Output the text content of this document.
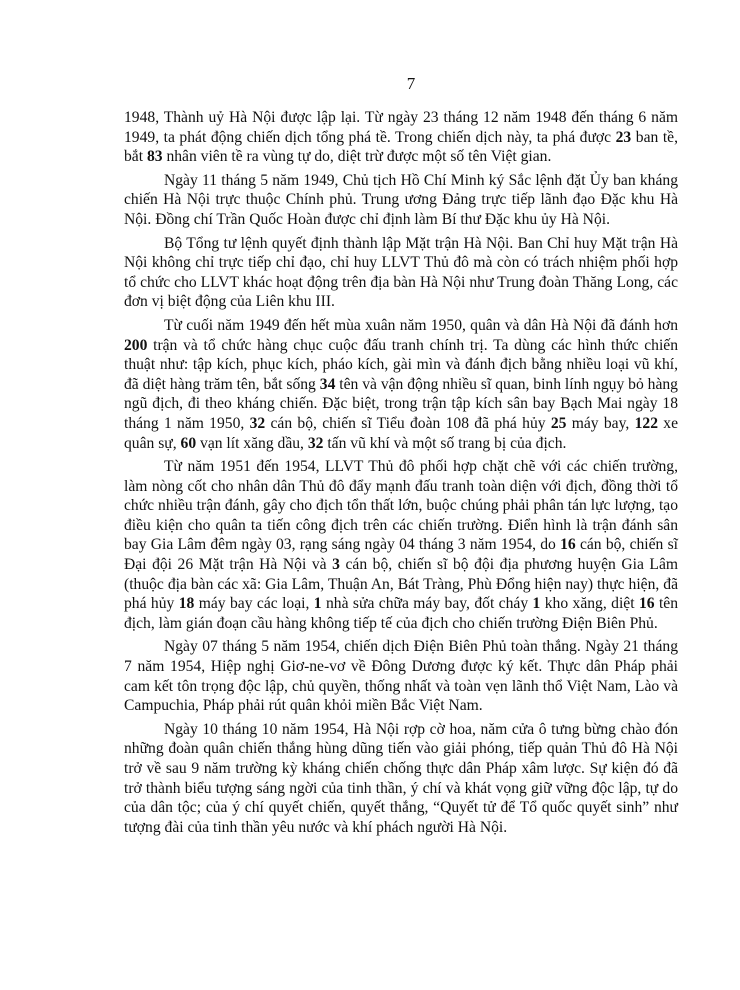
7

1948, Thành uỷ Hà Nội được lập lại. Từ ngày 23 tháng 12 năm 1948 đến tháng 6 năm 1949, ta phát động chiến dịch tổng phá tề. Trong chiến dịch này, ta phá được 23 ban tề, bắt 83 nhân viên tề ra vùng tự do, diệt trừ được một số tên Việt gian.

Ngày 11 tháng 5 năm 1949, Chủ tịch Hồ Chí Minh ký Sắc lệnh đặt Ủy ban kháng chiến Hà Nội trực thuộc Chính phủ. Trung ương Đảng trực tiếp lãnh đạo Đặc khu Hà Nội. Đồng chí Trần Quốc Hoàn được chỉ định làm Bí thư Đặc khu ủy Hà Nội.

Bộ Tổng tư lệnh quyết định thành lập Mặt trận Hà Nội. Ban Chỉ huy Mặt trận Hà Nội không chỉ trực tiếp chỉ đạo, chỉ huy LLVT Thủ đô mà còn có trách nhiệm phối hợp tổ chức cho LLVT khác hoạt động trên địa bàn Hà Nội như Trung đoàn Thăng Long, các đơn vị biệt động của Liên khu III.

Từ cuối năm 1949 đến hết mùa xuân năm 1950, quân và dân Hà Nội đã đánh hơn 200 trận và tổ chức hàng chục cuộc đấu tranh chính trị. Ta dùng các hình thức chiến thuật như: tập kích, phục kích, pháo kích, gài mìn và đánh địch bằng nhiều loại vũ khí, đã diệt hàng trăm tên, bắt sống 34 tên và vận động nhiều sĩ quan, binh lính ngụy bỏ hàng ngũ địch, đi theo kháng chiến. Đặc biệt, trong trận tập kích sân bay Bạch Mai ngày 18 tháng 1 năm 1950, 32 cán bộ, chiến sĩ Tiểu đoàn 108 đã phá hủy 25 máy bay, 122 xe quân sự, 60 vạn lít xăng dầu, 32 tấn vũ khí và một số trang bị của địch.

Từ năm 1951 đến 1954, LLVT Thủ đô phối hợp chặt chẽ với các chiến trường, làm nòng cốt cho nhân dân Thủ đô đẩy mạnh đấu tranh toàn diện với địch, đồng thời tổ chức nhiều trận đánh, gây cho địch tổn thất lớn, buộc chúng phải phân tán lực lượng, tạo điều kiện cho quân ta tiến công địch trên các chiến trường. Điển hình là trận đánh sân bay Gia Lâm đêm ngày 03, rạng sáng ngày 04 tháng 3 năm 1954, do 16 cán bộ, chiến sĩ Đại đội 26 Mặt trận Hà Nội và 3 cán bộ, chiến sĩ bộ đội địa phương huyện Gia Lâm (thuộc địa bàn các xã: Gia Lâm, Thuận An, Bát Tràng, Phù Đổng hiện nay) thực hiện, đã phá hủy 18 máy bay các loại, 1 nhà sửa chữa máy bay, đốt cháy 1 kho xăng, diệt 16 tên địch, làm gián đoạn cầu hàng không tiếp tế của địch cho chiến trường Điện Biên Phủ.

Ngày 07 tháng 5 năm 1954, chiến dịch Điện Biên Phủ toàn thắng. Ngày 21 tháng 7 năm 1954, Hiệp nghị Giơ-ne-vơ về Đông Dương được ký kết. Thực dân Pháp phải cam kết tôn trọng độc lập, chủ quyền, thống nhất và toàn vẹn lãnh thổ Việt Nam, Lào và Campuchia, Pháp phải rút quân khỏi miền Bắc Việt Nam.

Ngày 10 tháng 10 năm 1954, Hà Nội rợp cờ hoa, năm cửa ô tưng bừng chào đón những đoàn quân chiến thắng hùng dũng tiến vào giải phóng, tiếp quản Thủ đô Hà Nội trở về sau 9 năm trường kỳ kháng chiến chống thực dân Pháp xâm lược. Sự kiện đó đã trở thành biểu tượng sáng ngời của tinh thần, ý chí và khát vọng giữ vững độc lập, tự do của dân tộc; của ý chí quyết chiến, quyết thắng, “Quyết tử để Tổ quốc quyết sinh” như tượng đài của tinh thần yêu nước và khí phách người Hà Nội.
